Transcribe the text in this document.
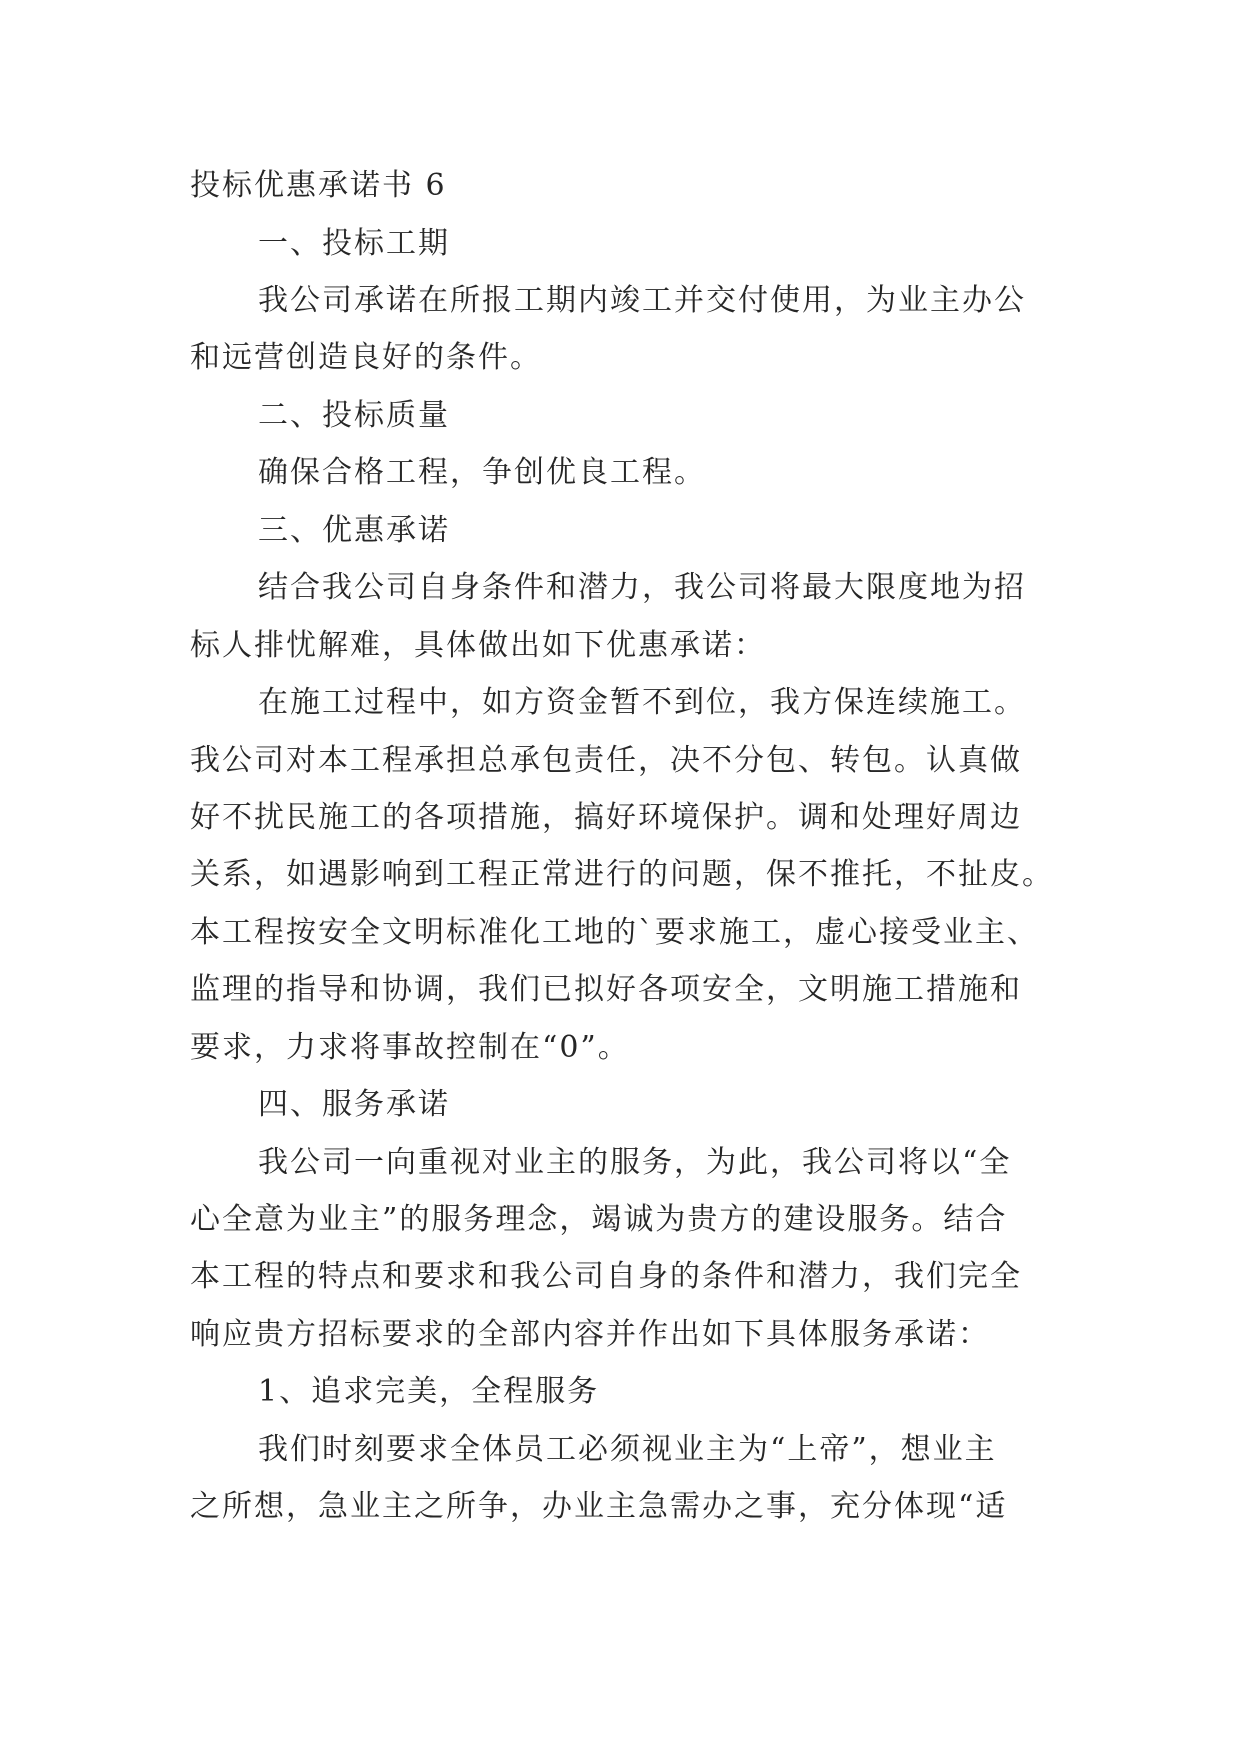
投标优惠承诺书 6
一、投标工期
我公司承诺在所报工期内竣工并交付使用，为业主办公
和远营创造良好的条件。
二、投标质量
确保合格工程，争创优良工程。
三、优惠承诺
结合我公司自身条件和潜力，我公司将最大限度地为招
标人排忧解难，具体做出如下优惠承诺：
在施工过程中，如方资金暂不到位，我方保连续施工。
我公司对本工程承担总承包责任，决不分包、转包。认真做
好不扰民施工的各项措施，搞好环境保护。调和处理好周边
关系，如遇影响到工程正常进行的问题，保不推托，不扯皮。
本工程按安全文明标准化工地的`要求施工，虚心接受业主、
监理的指导和协调，我们已拟好各项安全，文明施工措施和
要求，力求将事故控制在“0”。
四、服务承诺
我公司一向重视对业主的服务，为此，我公司将以“全
心全意为业主”的服务理念，竭诚为贵方的建设服务。结合
本工程的特点和要求和我公司自身的条件和潜力，我们完全
响应贵方招标要求的全部内容并作出如下具体服务承诺：
1、追求完美，全程服务
我们时刻要求全体员工必须视业主为“上帝”，想业主
之所想，急业主之所争，办业主急需办之事，充分体现“适
